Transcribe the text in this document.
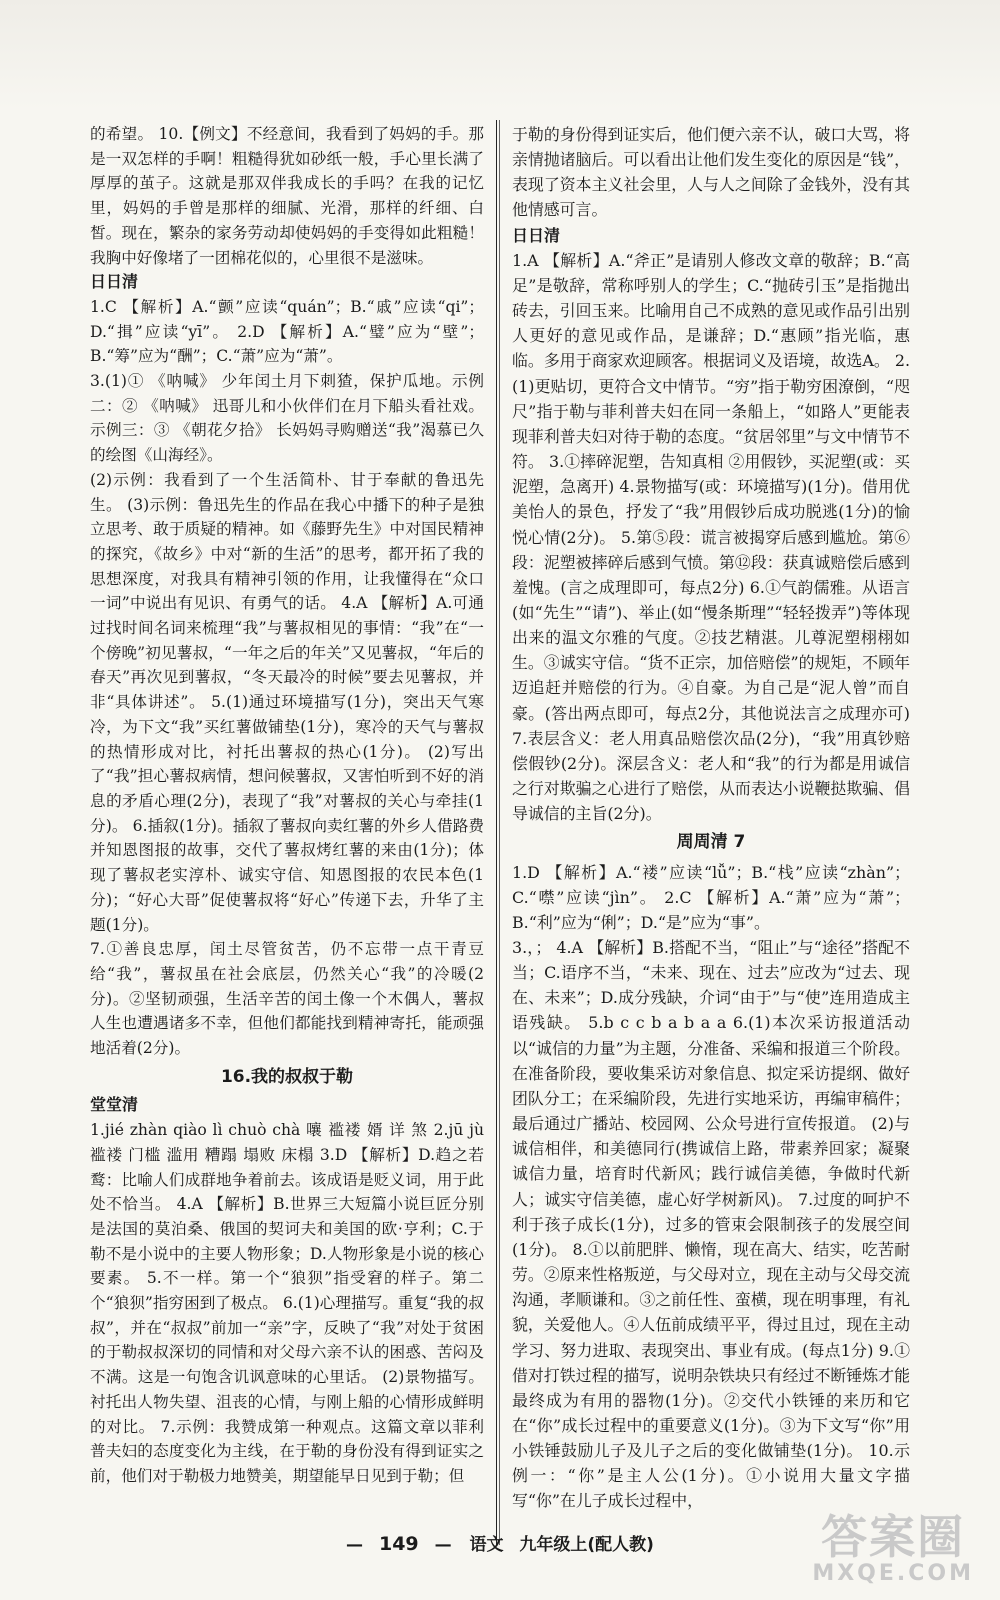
的希望。 10.【例文】不经意间，我看到了妈妈的手。那是一双怎样的手啊！粗糙得犹如砂纸一般，手心里长满了厚厚的茧子。这就是那双伴我成长的手吗？在我的记忆里，妈妈的手曾是那样的细腻、光滑，那样的纤细、白皙。现在，繁杂的家务劳动却使妈妈的手变得如此粗糙！我胸中好像堵了一团棉花似的，心里很不是滋味。

日日清

1.C 【解析】A.“颤”应读“quán”；B.“戚”应读“qi”；D.“揖”应读“yī”。 2.D 【解析】A.“璧”应为“壁”；B.“筹”应为“酬”；C.“萧”应为“萧”。

3.(1)① 《呐喊》 少年闰土月下刺猹，保护瓜地。示例二：② 《呐喊》 迅哥儿和小伙伴们在月下船头看社戏。 示例三：③ 《朝花夕拾》 长妈妈寻购赠送“我”渴慕已久的绘图《山海经》。

(2)示例：我看到了一个生活简朴、甘于奉献的鲁迅先生。 (3)示例：鲁迅先生的作品在我心中播下的种子是独立思考、敢于质疑的精神。如《藤野先生》中对国民精神的探究，《故乡》中对“新的生活”的思考，都开拓了我的思想深度，对我具有精神引领的作用，让我懂得在“众口一词”中说出有见识、有勇气的话。 4.A 【解析】A.可通过找时间名词来梳理“我”与薯叔相见的事情：“我”在“一个傍晚”初见薯叔，“一年之后的年关”又见薯叔，“年后的春天”再次见到薯叔，“冬天最冷的时候”要去见薯叔，并非“具体讲述”。 5.(1)通过环境描写(1分)，突出天气寒冷，为下文“我”买红薯做铺垫(1分)，寒冷的天气与薯叔的热情形成对比，衬托出薯叔的热心(1分)。 (2)写出了“我”担心薯叔病情，想问候薯叔，又害怕听到不好的消息的矛盾心理(2分)，表现了“我”对薯叔的关心与牵挂(1分)。 6.插叙(1分)。插叙了薯叔向卖红薯的外乡人借路费并知恩图报的故事，交代了薯叔烤红薯的来由(1分)；体现了薯叔老实淳朴、诚实守信、知恩图报的农民本色(1分)；“好心大哥”促使薯叔将“好心”传递下去，升华了主题(1分)。

7.①善良忠厚，闰土尽管贫苦，仍不忘带一点干青豆给“我”，薯叔虽在社会底层，仍然关心“我”的冷暖(2分)。②坚韧顽强，生活辛苦的闰土像一个木偶人，薯叔人生也遭遇诸多不幸，但他们都能找到精神寄托，能顽强地活着(2分)。

16.我的叔叔于勒

堂堂清

1.jié zhàn qiào lì chuò chà 嚷 褴褛 婿 详 煞 2.jū jù 褴褛 门槛 滥用 糟蹋 塌败 床榻 3.D 【解析】D.趋之若鹜：比喻人们成群地争着前去。该成语是贬义词，用于此处不恰当。 4.A 【解析】B.世界三大短篇小说巨匠分别是法国的莫泊桑、俄国的契诃夫和美国的欧·亨利；C.于勒不是小说中的主要人物形象；D.人物形象是小说的核心要素。 5.不一样。第一个“狼狈”指受窘的样子。第二个“狼狈”指穷困到了极点。 6.(1)心理描写。重复“我的叔叔”，并在“叔叔”前加一“亲”字，反映了“我”对处于贫困的于勒叔叔深切的同情和对父母六亲不认的困惑、苦闷及不满。这是一句饱含讥讽意味的心里话。 (2)景物描写。衬托出人物失望、沮丧的心情，与刚上船的心情形成鲜明的对比。 7.示例：我赞成第一种观点。这篇文章以菲利普夫妇的态度变化为主线，在于勒的身份没有得到证实之前，他们对于勒极力地赞美，期望能早日见到于勒；但

于勒的身份得到证实后，他们便六亲不认，破口大骂，将亲情抛诸脑后。可以看出让他们发生变化的原因是“钱”，表现了资本主义社会里，人与人之间除了金钱外，没有其他情感可言。

日日清

1.A 【解析】A.“斧正”是请别人修改文章的敬辞；B.“高足”是敬辞，常称呼别人的学生；C.“抛砖引玉”是指抛出砖去，引回玉来。比喻用自己不成熟的意见或作品引出别人更好的意见或作品，是谦辞；D.“惠顾”指光临，惠临。多用于商家欢迎顾客。根据词义及语境，故选A。 2.(1)更贴切，更符合文中情节。“穷”指于勒穷困潦倒，“咫尺”指于勒与菲利普夫妇在同一条船上，“如路人”更能表现菲利普夫妇对待于勒的态度。“贫居邻里”与文中情节不符。 3.①摔碎泥塑，告知真相 ②用假钞，买泥塑(或：买泥塑，急离开) 4.景物描写(或：环境描写)(1分)。借用优美怡人的景色，抒发了“我”用假钞后成功脱逃(1分)的愉悦心情(2分)。 5.第⑤段：谎言被揭穿后感到尴尬。第⑥段：泥塑被摔碎后感到气愤。第⑫段：获真诚赔偿后感到羞愧。(言之成理即可，每点2分) 6.①气韵儒雅。从语言(如“先生”“请”)、举止(如“慢条斯理”“轻轻拨弄”)等体现出来的温文尔雅的气度。②技艺精湛。儿尊泥塑栩栩如生。③诚实守信。“货不正宗，加倍赔偿”的规矩，不顾年迈追赶并赔偿的行为。④自豪。为自己是“泥人曾”而自豪。(答出两点即可，每点2分，其他说法言之成理亦可) 7.表层含义：老人用真品赔偿次品(2分)，“我”用真钞赔偿假钞(2分)。深层含义：老人和“我”的行为都是用诚信之行对欺骗之心进行了赔偿，从而表达小说鞭挞欺骗、倡导诚信的主旨(2分)。

周周清 7

1.D 【解析】A.“褛”应读“lǚ”；B.“栈”应读“zhàn”；C.“噤”应读“jìn”。 2.C 【解析】A.“萧”应为“萧”；B.“利”应为“俐”；D.“是”应为“事”。

3.，； 4.A 【解析】B.搭配不当，“阻止”与“途径”搭配不当；C.语序不当，“未来、现在、过去”应改为“过去、现在、未来”；D.成分残缺，介词“由于”与“使”连用造成主语残缺。 5.b c c b a b a a 6.(1)本次采访报道活动以“诚信的力量”为主题，分准备、采编和报道三个阶段。在准备阶段，要收集采访对象信息、拟定采访提纲、做好团队分工；在采编阶段，先进行实地采访，再编审稿件；最后通过广播站、校园网、公众号进行宣传报道。 (2)与诚信相伴，和美德同行(携诚信上路，带素养回家；凝聚诚信力量，培育时代新风；践行诚信美德，争做时代新人；诚实守信美德，虚心好学树新风)。 7.过度的呵护不利于孩子成长(1分)，过多的管束会限制孩子的发展空间(1分)。 8.①以前肥胖、懒惰，现在高大、结实，吃苦耐劳。②原来性格叛逆，与父母对立，现在主动与父母交流沟通，孝顺谦和。③之前任性、蛮横，现在明事理，有礼貌，关爱他人。④人伍前成绩平平，得过且过，现在主动学习、努力进取、表现突出、事业有成。(每点1分) 9.①借对打铁过程的描写，说明杂铁块只有经过不断锤炼才能最终成为有用的器物(1分)。②交代小铁锤的来历和它在“你”成长过程中的重要意义(1分)。③为下文写“你”用小铁锤鼓励儿子及儿子之后的变化做铺垫(1分)。 10.示例一：“你”是主人公(1分)。①小说用大量文字描写“你”在儿子成长过程中，

— 149 — 语文 九年级上(配人教)	答案圈
MXQE.COM
